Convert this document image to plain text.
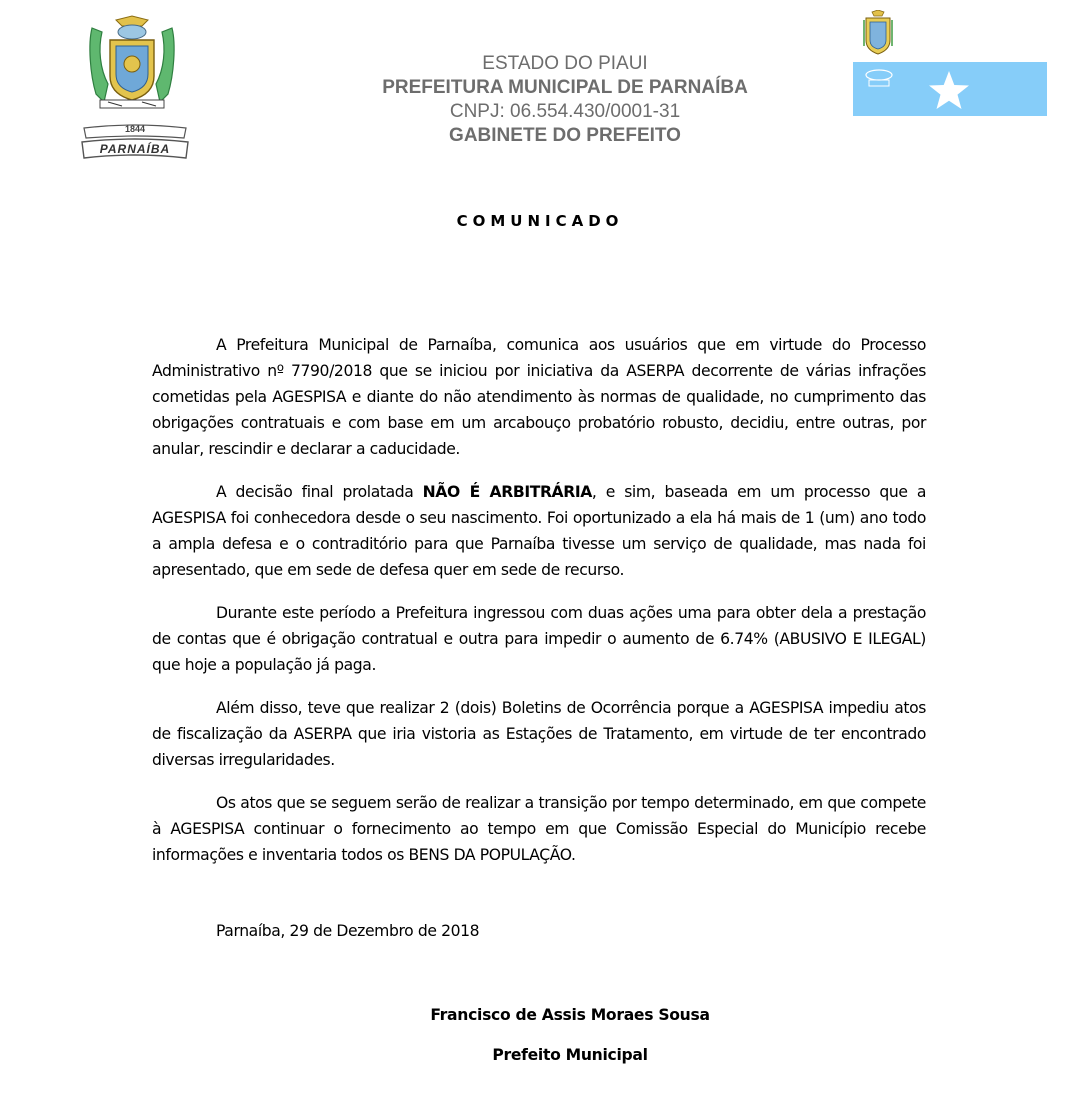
1844
PARNAÍBA
ESTADO DO PIAUI
PREFEITURA MUNICIPAL DE PARNAÍBA
CNPJ: 06.554.430/0001-31
GABINETE DO PREFEITO
COMUNICADO

A Prefeitura Municipal de Parnaíba, comunica aos usuários que em virtude do Processo Administrativo nº 7790/2018 que se iniciou por iniciativa da ASERPA decorrente de várias infrações cometidas pela AGESPISA e diante do não atendimento às normas de qualidade, no cumprimento das obrigações contratuais e com base em um arcabouço probatório robusto, decidiu, entre outras, por anular, rescindir e declarar a caducidade.

A decisão final prolatada NÃO É ARBITRÁRIA, e sim, baseada em um processo que a AGESPISA foi conhecedora desde o seu nascimento. Foi oportunizado a ela há mais de 1 (um) ano todo a ampla defesa e o contraditório para que Parnaíba tivesse um serviço de qualidade, mas nada foi apresentado, que em sede de defesa quer em sede de recurso.

Durante este período a Prefeitura ingressou com duas ações uma para obter dela a prestação de contas que é obrigação contratual e outra para impedir o aumento de 6.74% (ABUSIVO E ILEGAL) que hoje a população já paga.

Além disso, teve que realizar 2 (dois) Boletins de Ocorrência porque a AGESPISA impediu atos de fiscalização da ASERPA que iria vistoria as Estações de Tratamento, em virtude de ter encontrado diversas irregularidades.

Os atos que se seguem serão de realizar a transição por tempo determinado, em que compete à AGESPISA continuar o fornecimento ao tempo em que Comissão Especial do Município recebe informações e inventaria todos os BENS DA POPULAÇÃO.

Parnaíba, 29 de Dezembro de 2018
Francisco de Assis Moraes Sousa
Prefeito Municipal
